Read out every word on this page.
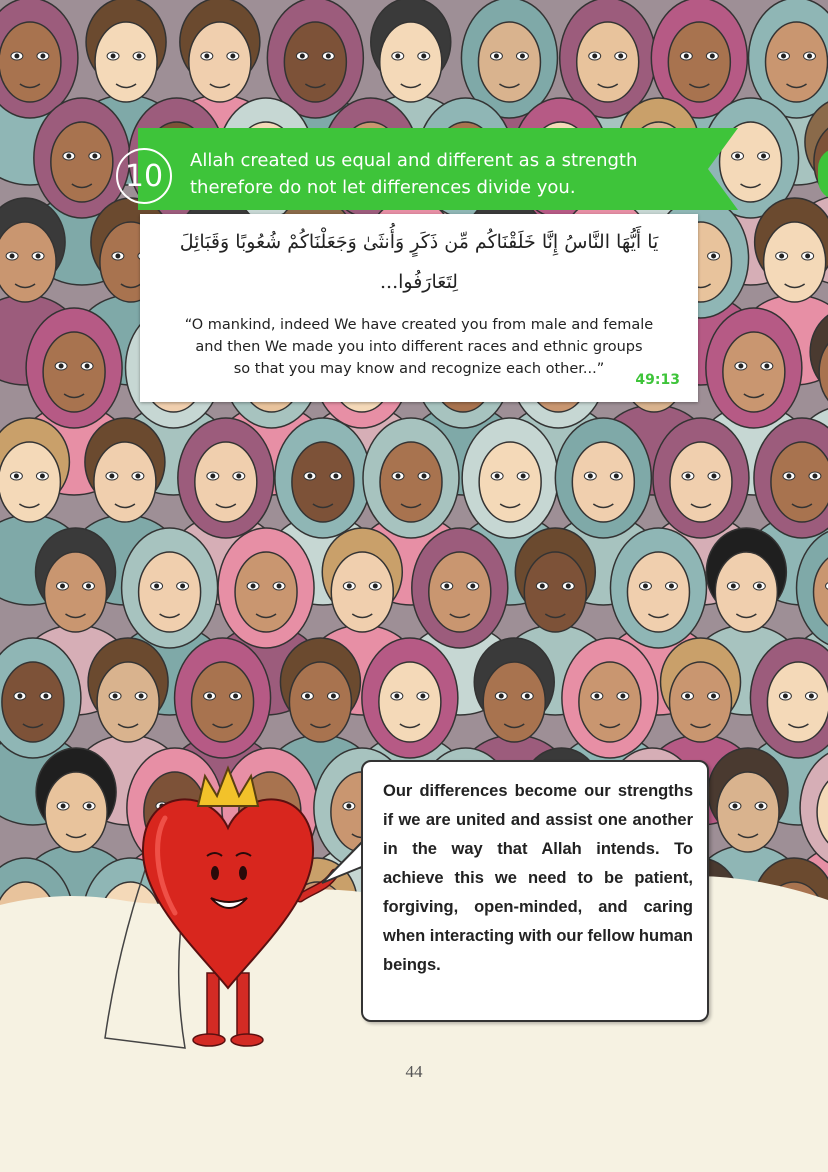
10	Allah created us equal and different as a strength
therefore do not let differences divide you.
يَا أَيُّهَا النَّاسُ إِنَّا خَلَقْنَاكُم مِّن ذَكَرٍ وَأُنثَىٰ وَجَعَلْنَاكُمْ شُعُوبًا وَقَبَائِلَ
لِتَعَارَفُوا...
“O mankind, indeed We have created you from male and female
and then We made you into different races and ethnic groups
so that you may know and recognize each other...”
49:13
Our differences become our strengths if we are united and assist one another in the way that Allah intends. To achieve this we need to be patient, forgiving, open-minded, and caring when interacting with our fellow human beings.
44
